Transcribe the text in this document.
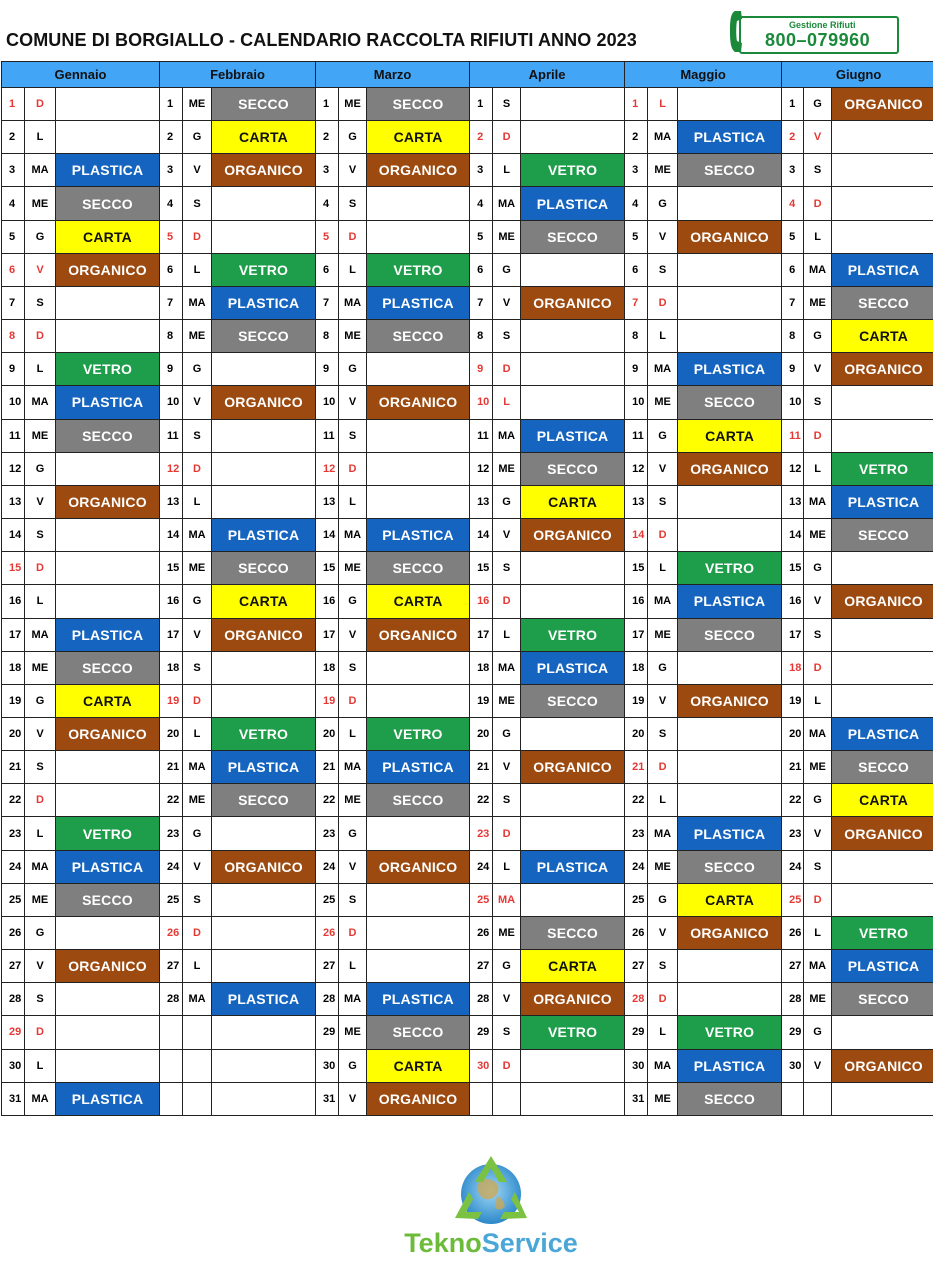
COMUNE DI BORGIALLO - CALENDARIO RACCOLTA RIFIUTI ANNO 2023
Gestione Rifiuti
800–079960
Gennaio			Febbraio			Marzo			Aprile			Maggio			Giugno		
1	D		1	ME	SECCO	1	ME	SECCO	1	S		1	L		1	G	ORGANICO
2	L		2	G	CARTA	2	G	CARTA	2	D		2	MA	PLASTICA	2	V	
3	MA	PLASTICA	3	V	ORGANICO	3	V	ORGANICO	3	L	VETRO	3	ME	SECCO	3	S	
4	ME	SECCO	4	S		4	S		4	MA	PLASTICA	4	G		4	D	
5	G	CARTA	5	D		5	D		5	ME	SECCO	5	V	ORGANICO	5	L	
6	V	ORGANICO	6	L	VETRO	6	L	VETRO	6	G		6	S		6	MA	PLASTICA
7	S		7	MA	PLASTICA	7	MA	PLASTICA	7	V	ORGANICO	7	D		7	ME	SECCO
8	D		8	ME	SECCO	8	ME	SECCO	8	S		8	L		8	G	CARTA
9	L	VETRO	9	G		9	G		9	D		9	MA	PLASTICA	9	V	ORGANICO
10	MA	PLASTICA	10	V	ORGANICO	10	V	ORGANICO	10	L		10	ME	SECCO	10	S	
11	ME	SECCO	11	S		11	S		11	MA	PLASTICA	11	G	CARTA	11	D	
12	G		12	D		12	D		12	ME	SECCO	12	V	ORGANICO	12	L	VETRO
13	V	ORGANICO	13	L		13	L		13	G	CARTA	13	S		13	MA	PLASTICA
14	S		14	MA	PLASTICA	14	MA	PLASTICA	14	V	ORGANICO	14	D		14	ME	SECCO
15	D		15	ME	SECCO	15	ME	SECCO	15	S		15	L	VETRO	15	G	
16	L		16	G	CARTA	16	G	CARTA	16	D		16	MA	PLASTICA	16	V	ORGANICO
17	MA	PLASTICA	17	V	ORGANICO	17	V	ORGANICO	17	L	VETRO	17	ME	SECCO	17	S	
18	ME	SECCO	18	S		18	S		18	MA	PLASTICA	18	G		18	D	
19	G	CARTA	19	D		19	D		19	ME	SECCO	19	V	ORGANICO	19	L	
20	V	ORGANICO	20	L	VETRO	20	L	VETRO	20	G		20	S		20	MA	PLASTICA
21	S		21	MA	PLASTICA	21	MA	PLASTICA	21	V	ORGANICO	21	D		21	ME	SECCO
22	D		22	ME	SECCO	22	ME	SECCO	22	S		22	L		22	G	CARTA
23	L	VETRO	23	G		23	G		23	D		23	MA	PLASTICA	23	V	ORGANICO
24	MA	PLASTICA	24	V	ORGANICO	24	V	ORGANICO	24	L	PLASTICA	24	ME	SECCO	24	S	
25	ME	SECCO	25	S		25	S		25	MA		25	G	CARTA	25	D	
26	G		26	D		26	D		26	ME	SECCO	26	V	ORGANICO	26	L	VETRO
27	V	ORGANICO	27	L		27	L		27	G	CARTA	27	S		27	MA	PLASTICA
28	S		28	MA	PLASTICA	28	MA	PLASTICA	28	V	ORGANICO	28	D		28	ME	SECCO
29	D					29	ME	SECCO	29	S	VETRO	29	L	VETRO	29	G	
30	L					30	G	CARTA	30	D		30	MA	PLASTICA	30	V	ORGANICO
31	MA	PLASTICA				31	V	ORGANICO				31	ME	SECCO			
TeknoService
